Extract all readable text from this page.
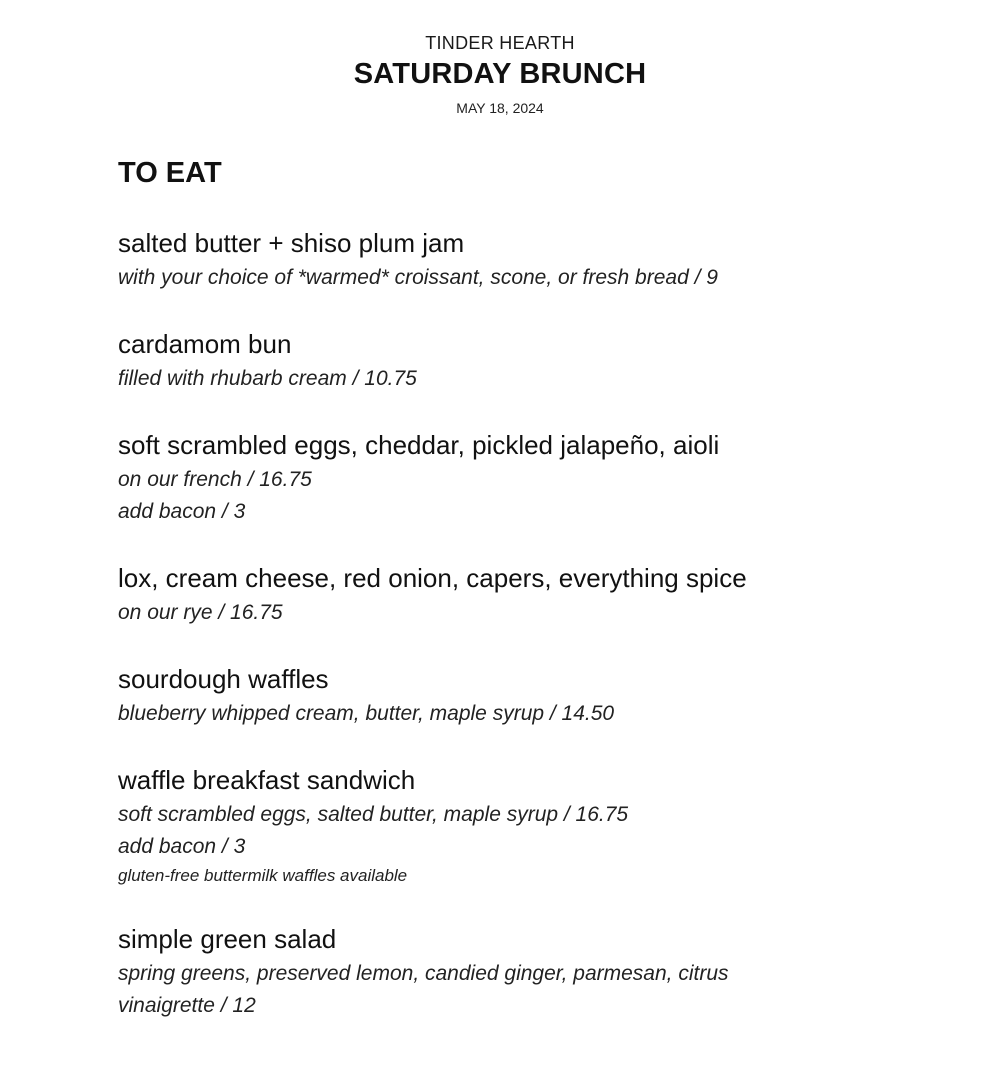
TINDER HEARTH
SATURDAY BRUNCH
MAY 18, 2024
TO EAT
salted butter + shiso plum jam
with your choice of *warmed* croissant, scone, or fresh bread / 9
cardamom bun
filled with rhubarb cream / 10.75
soft scrambled eggs, cheddar, pickled jalapeño, aioli
on our french / 16.75
add bacon / 3
lox, cream cheese, red onion, capers, everything spice
on our rye / 16.75
sourdough waffles
blueberry whipped cream, butter, maple syrup / 14.50
waffle breakfast sandwich
soft scrambled eggs, salted butter, maple syrup / 16.75
add bacon / 3
gluten-free buttermilk waffles available
simple green salad
spring greens, preserved lemon, candied ginger, parmesan, citrus
vinaigrette / 12
